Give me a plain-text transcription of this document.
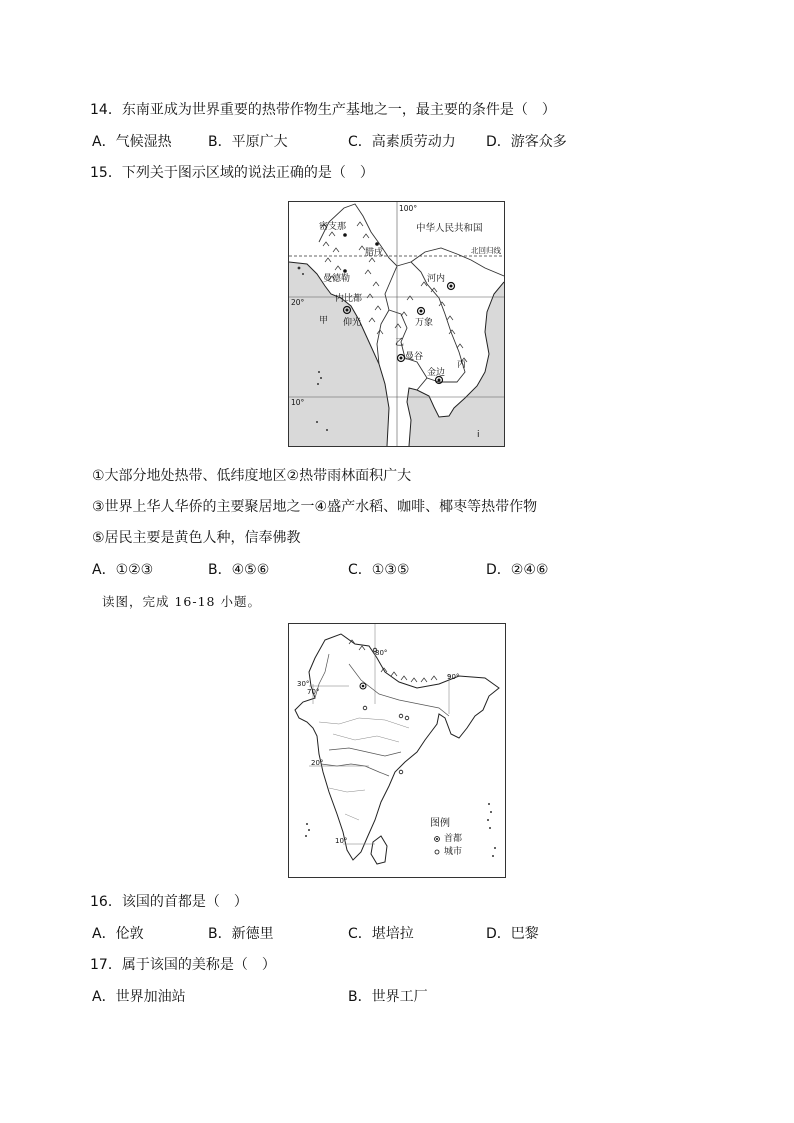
14．东南亚成为世界重要的热带作物生产基地之一，最主要的条件是（　）
A．气候湿热	B．平原广大	C．高素质劳动力 D．游客众多
15．下列关于图示区域的说法正确的是（　）
中华人民共和国
北回归线
100°
20°
10°
密支那
腊戌
曼德勒
内比都
甲 仰光
乙
曼谷
河内
万象
金边
丙
i
①大部分地处热带、低纬度地区②热带雨林面积广大
③世界上华人华侨的主要聚居地之一④盛产水稻、咖啡、椰枣等热带作物
⑤居民主要是黄色人种，信奉佛教
A．①②③	B．④⑤⑥	C．①③⑤	D．②④⑥
读图，完成 16-18 小题。
80°
90°
70°
30°
20°
10°
图例
首都
城市
16．该国的首都是（　）
A．伦敦	B．新德里	C．堪培拉	D．巴黎
17．属于该国的美称是（　）
A．世界加油站	B．世界工厂
